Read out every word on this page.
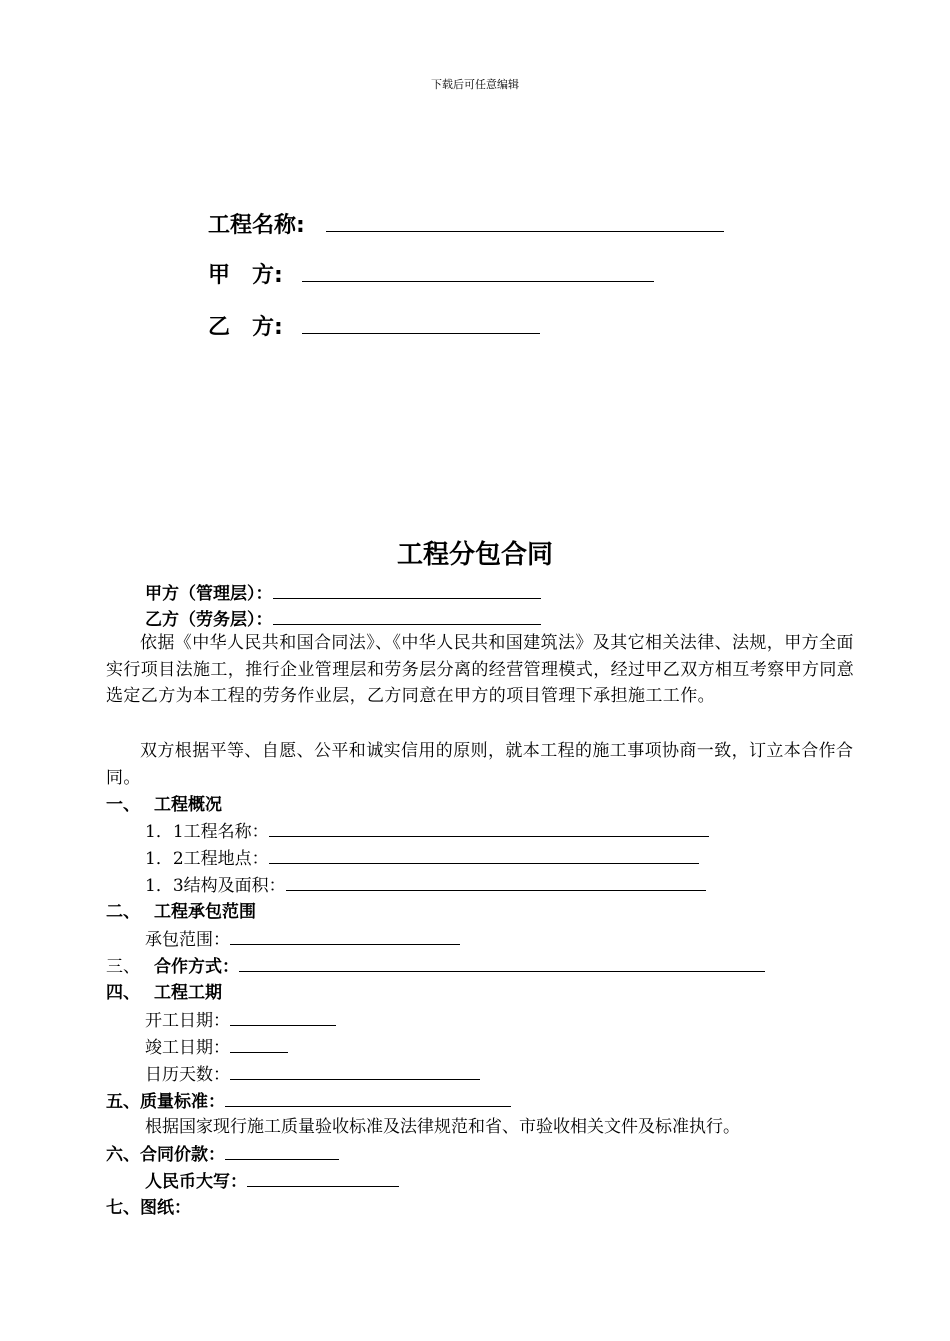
下载后可任意编辑
工程名称:
甲　方:
乙　方:
工程分包合同
甲方（管理层）：
乙方（劳务层）：
依据《中华人民共和国合同法》、《中华人民共和国建筑法》及其它相关法律、法规，甲方全面实行项目法施工，推行企业管理层和劳务层分离的经营管理模式，经过甲乙双方相互考察甲方同意选定乙方为本工程的劳务作业层，乙方同意在甲方的项目管理下承担施工工作。
双方根据平等、自愿、公平和诚实信用的原则，就本工程的施工事项协商一致，订立本合作合同。
一、 工程概况
1．1工程名称：
1．2工程地点：
1．3结构及面积：
二、 工程承包范围
承包范围：
三、 合作方式：
四、 工程工期
开工日期：
竣工日期：
日历天数：
五、质量标准：
根据国家现行施工质量验收标准及法律规范和省、市验收相关文件及标准执行。
六、合同价款：
人民币大写：
七、图纸：
